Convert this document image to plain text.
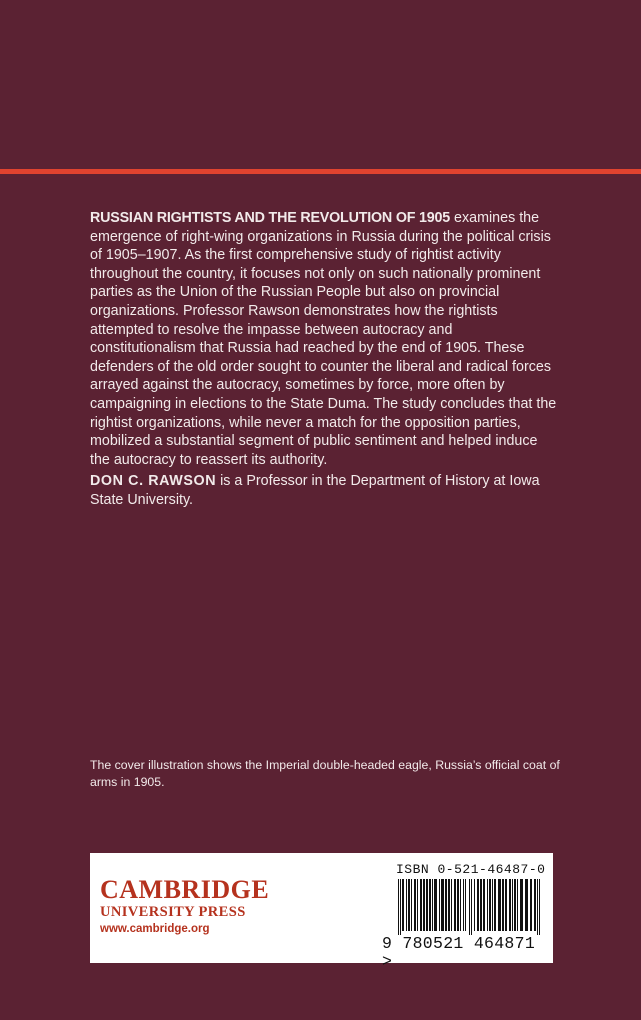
RUSSIAN RIGHTISTS AND THE REVOLUTION OF 1905 examines the emergence of right-wing organizations in Russia during the political crisis of 1905–1907. As the first comprehensive study of rightist activity throughout the country, it focuses not only on such nationally prominent parties as the Union of the Russian People but also on provincial organizations. Professor Rawson demonstrates how the rightists attempted to resolve the impasse between autocracy and constitutionalism that Russia had reached by the end of 1905. These defenders of the old order sought to counter the liberal and radical forces arrayed against the autocracy, sometimes by force, more often by campaigning in elections to the State Duma. The study concludes that the rightist organizations, while never a match for the opposition parties, mobilized a substantial segment of public sentiment and helped induce the autocracy to reassert its authority.

DON C. RAWSON is a Professor in the Department of History at Iowa State University.

The cover illustration shows the Imperial double-headed eagle, Russia’s official coat of arms in 1905.

CAMBRIDGE
UNIVERSITY PRESS
www.cambridge.org
ISBN 0-521-46487-0
9 780521 464871 >
